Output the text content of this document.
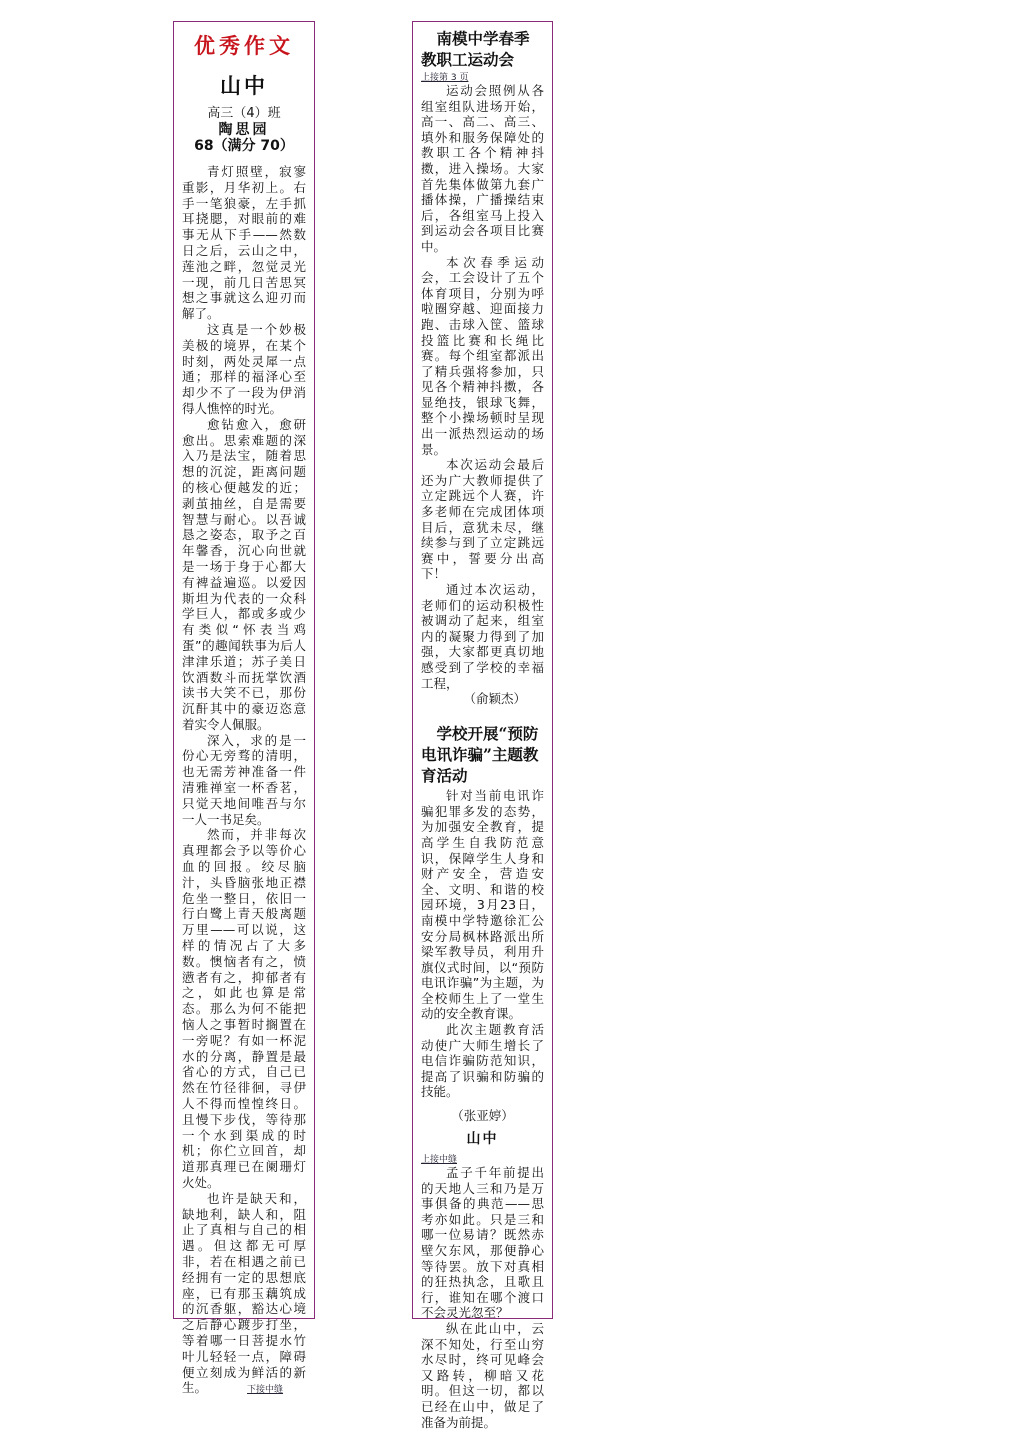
优秀作文
山中
高三（4）班
陶思园
68（满分 70）

青灯照壁，寂寥重影，月华初上。右手一笔狼豪，左手抓耳挠腮，对眼前的难事无从下手——然数日之后，云山之中，莲池之畔，忽觉灵光一现，前几日苦思冥想之事就这么迎刃而解了。

这真是一个妙极美极的境界，在某个时刻，两处灵犀一点通；那样的福泽心至却少不了一段为伊消得人憔悴的时光。

愈钻愈入，愈研愈出。思索难题的深入乃是法宝，随着思想的沉淀，距离问题的核心便越发的近；剥茧抽丝，自是需要智慧与耐心。以吾诚恳之姿态，取予之百年馨香，沉心向世就是一场于身于心都大有裨益遍巡。以爱因斯坦为代表的一众科学巨人，都或多或少有类似“怀表当鸡蛋”的趣闻轶事为后人津津乐道；苏子美日饮酒数斗而抚掌饮酒读书大笑不已，那份沉酐其中的豪迈恣意着实令人佩服。

深入，求的是一份心无旁骛的清明，也无需芳神准备一件清雅禅室一杯香茗，只觉天地间唯吾与尔一人一书足矣。

然而，并非每次真理都会予以等价心血的回报。绞尽脑汁，头昏脑张地正襟危坐一整日，依旧一行白鹭上青天般离题万里——可以说，这样的情况占了大多数。懊恼者有之，愤懑者有之，抑郁者有之，如此也算是常态。那么为何不能把恼人之事暂时搁置在一旁呢？有如一杯泥水的分离，静置是最省心的方式，自己已然在竹径徘徊，寻伊人不得而惶惶终日。且慢下步伐，等待那一个水到渠成的时机；你伫立回首，却道那真理已在阑珊灯火处。

也许是缺天和，缺地利，缺人和，阻止了真相与自己的相遇。但这都无可厚非，若在相遇之前已经拥有一定的思想底座，已有那玉藕筑成的沉香躯，豁达心境之后静心踱步打坐，等着哪一日菩提水竹叶儿轻轻一点，障碍便立刻成为鲜活的新生。	下接中缝

南模中学春季教职工运动会
上接第 3 页

运动会照例从各组室组队进场开始，高一、高二、高三、填外和服务保障处的教职工各个精神抖擞，进入操场。大家首先集体做第九套广播体操，广播操结束后，各组室马上投入到运动会各项目比赛中。

本次春季运动会，工会设计了五个体育项目，分别为呼啦圈穿越、迎面接力跑、击球入筐、篮球投篮比赛和长绳比赛。每个组室都派出了精兵强将参加，只见各个精神抖擞，各显绝技，银球飞舞，整个小操场顿时呈现出一派热烈运动的场景。

本次运动会最后还为广大教师提供了立定跳远个人赛，许多老师在完成团体项目后，意犹未尽，继续参与到了立定跳远赛中，誓要分出高下！

通过本次运动，老师们的运动积极性被调动了起来，组室内的凝聚力得到了加强，大家都更真切地感受到了学校的幸福工程，

（俞颖杰）
学校开展“预防电讯诈骗”主题教育活动

针对当前电讯诈骗犯罪多发的态势，为加强安全教育，提高学生自我防范意识，保障学生人身和财产安全，营造安全、文明、和谐的校园环境，3月23日，南模中学特邀徐汇公安分局枫林路派出所梁军教导员，利用升旗仪式时间，以“预防电讯诈骗”为主题，为全校师生上了一堂生动的安全教育课。

此次主题教育活动使广大师生增长了电信诈骗防范知识，提高了识骗和防骗的技能。

（张亚婷）
山中
上接中缝

孟子千年前提出的天地人三和乃是万事俱备的典范——思考亦如此。只是三和哪一位易请？既然赤壁欠东风，那便静心等待罢。放下对真相的狂热执念，且歌且行，谁知在哪个渡口不会灵光忽至？

纵在此山中，云深不知处，行至山穷水尽时，终可见峰会又路转，柳暗又花明。但这一切，都以已经在山中，做足了准备为前提。
